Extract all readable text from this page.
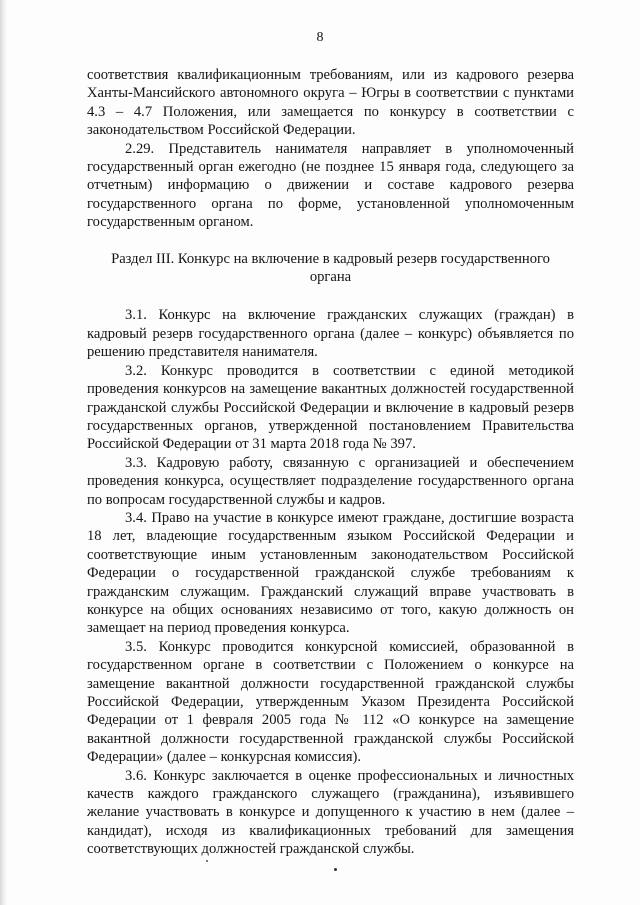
8

соответствия квалификационным требованиям, или из кадрового резерва Ханты-Мансийского автономного округа – Югры в соответствии с пунктами 4.3 – 4.7 Положения, или замещается по конкурсу в соответствии с законодательством Российской Федерации.

2.29. Представитель нанимателя направляет в уполномоченный государственный орган ежегодно (не позднее 15 января года, следующего за отчетным) информацию о движении и составе кадрового резерва государственного органа по форме, установленной уполномоченным государственным органом.

Раздел III. Конкурс на включение в кадровый резерв государственного органа

3.1. Конкурс на включение гражданских служащих (граждан) в кадровый резерв государственного органа (далее – конкурс) объявляется по решению представителя нанимателя.

3.2. Конкурс проводится в соответствии с единой методикой проведения конкурсов на замещение вакантных должностей государственной гражданской службы Российской Федерации и включение в кадровый резерв государственных органов, утвержденной постановлением Правительства Российской Федерации от 31 марта 2018 года № 397.

3.3. Кадровую работу, связанную с организацией и обеспечением проведения конкурса, осуществляет подразделение государственного органа по вопросам государственной службы и кадров.

3.4. Право на участие в конкурсе имеют граждане, достигшие возраста 18 лет, владеющие государственным языком Российской Федерации и соответствующие иным установленным законодательством Российской Федерации о государственной гражданской службе требованиям к гражданским служащим. Гражданский служащий вправе участвовать в конкурсе на общих основаниях независимо от того, какую должность он замещает на период проведения конкурса.

3.5. Конкурс проводится конкурсной комиссией, образованной в государственном органе в соответствии с Положением о конкурсе на замещение вакантной должности государственной гражданской службы Российской Федерации, утвержденным Указом Президента Российской Федерации от 1 февраля 2005 года № 112 «О конкурсе на замещение вакантной должности государственной гражданской службы Российской Федерации» (далее – конкурсная комиссия).

3.6. Конкурс заключается в оценке профессиональных и личностных качеств каждого гражданского служащего (гражданина), изъявившего желание участвовать в конкурсе и допущенного к участию в нем (далее – кандидат), исходя из квалификационных требований для замещения соответствующих должностей гражданской службы.
